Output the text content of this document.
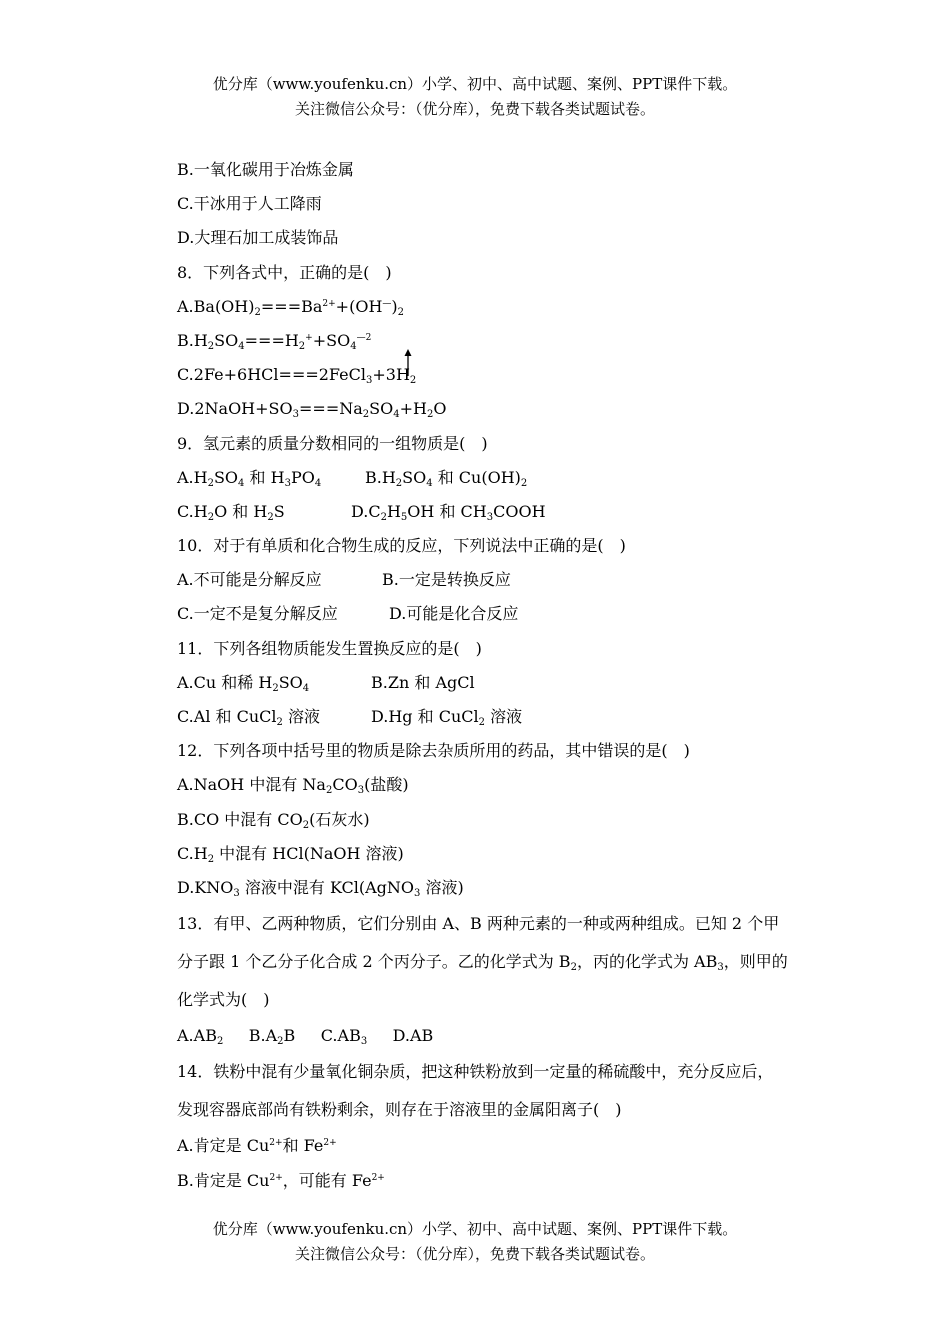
优分库（www.youfenku.cn）小学、初中、高中试题、案例、PPT课件下载。
关注微信公众号：（优分库），免费下载各类试题试卷。
B.一氧化碳用于冶炼金属
C.干冰用于人工降雨
D.大理石加工成装饰品
8．下列各式中，正确的是(　)
$A.Ba(OH)_2===Ba^{2+}+(OH^—)_2$
$B.H_2SO_4===H_2^++SO_4^{—2}$
$C.2Fe+6HCl===2FeCl_3+3H_2$
$D.2NaOH+SO_3===Na_2SO_4+H_2O$
9．氢元素的质量分数相同的一组物质是(　)
$A.H_2SO_4$ 和 $H_3PO_4$	$B.H_2SO_4$ 和 $Cu(OH)_2$
$C.H_2O$ 和 $H_2S$	$D.C_2H_5OH$ 和 $CH_3COOH$
10．对于有单质和化合物生成的反应，下列说法中正确的是(　)
A.不可能是分解反应	B.一定是转换反应
C.一定不是复分解反应	D.可能是化合反应
11．下列各组物质能发生置换反应的是(　)
A.Cu 和稀 $H_2SO_4$	B.Zn 和 AgCl
C.Al 和 CuCl$_2$ 溶液	D.Hg 和 CuCl$_2$ 溶液
12．下列各项中括号里的物质是除去杂质所用的药品，其中错误的是(　)
A.NaOH 中混有 $Na_2CO_3$(盐酸)
B.CO 中混有 $CO_2$(石灰水)
$C.H_2$ 中混有 HCl(NaOH 溶液)
$D.KNO_3$ 溶液中混有 KCl(AgNO$_3$ 溶液)
13．有甲、乙两种物质，它们分别由 A、B 两种元素的一种或两种组成。已知 2 个甲
分子跟 1 个乙分子化合成 2 个丙分子。乙的化学式为 $B_2$，丙的化学式为 $AB_3$，则甲的
化学式为(　)
$A.AB_2$ $B.A_2B$ $C.AB_3$ D.AB
14．铁粉中混有少量氧化铜杂质，把这种铁粉放到一定量的稀硫酸中，充分反应后，
发现容器底部尚有铁粉剩余，则存在于溶液里的金属阳离子(　)
A.肯定是 $Cu^{2+}$和 $Fe^{2+}$
B.肯定是 $Cu^{2+}$，可能有 $Fe^{2+}$
优分库（www.youfenku.cn）小学、初中、高中试题、案例、PPT课件下载。
关注微信公众号：（优分库），免费下载各类试题试卷。
